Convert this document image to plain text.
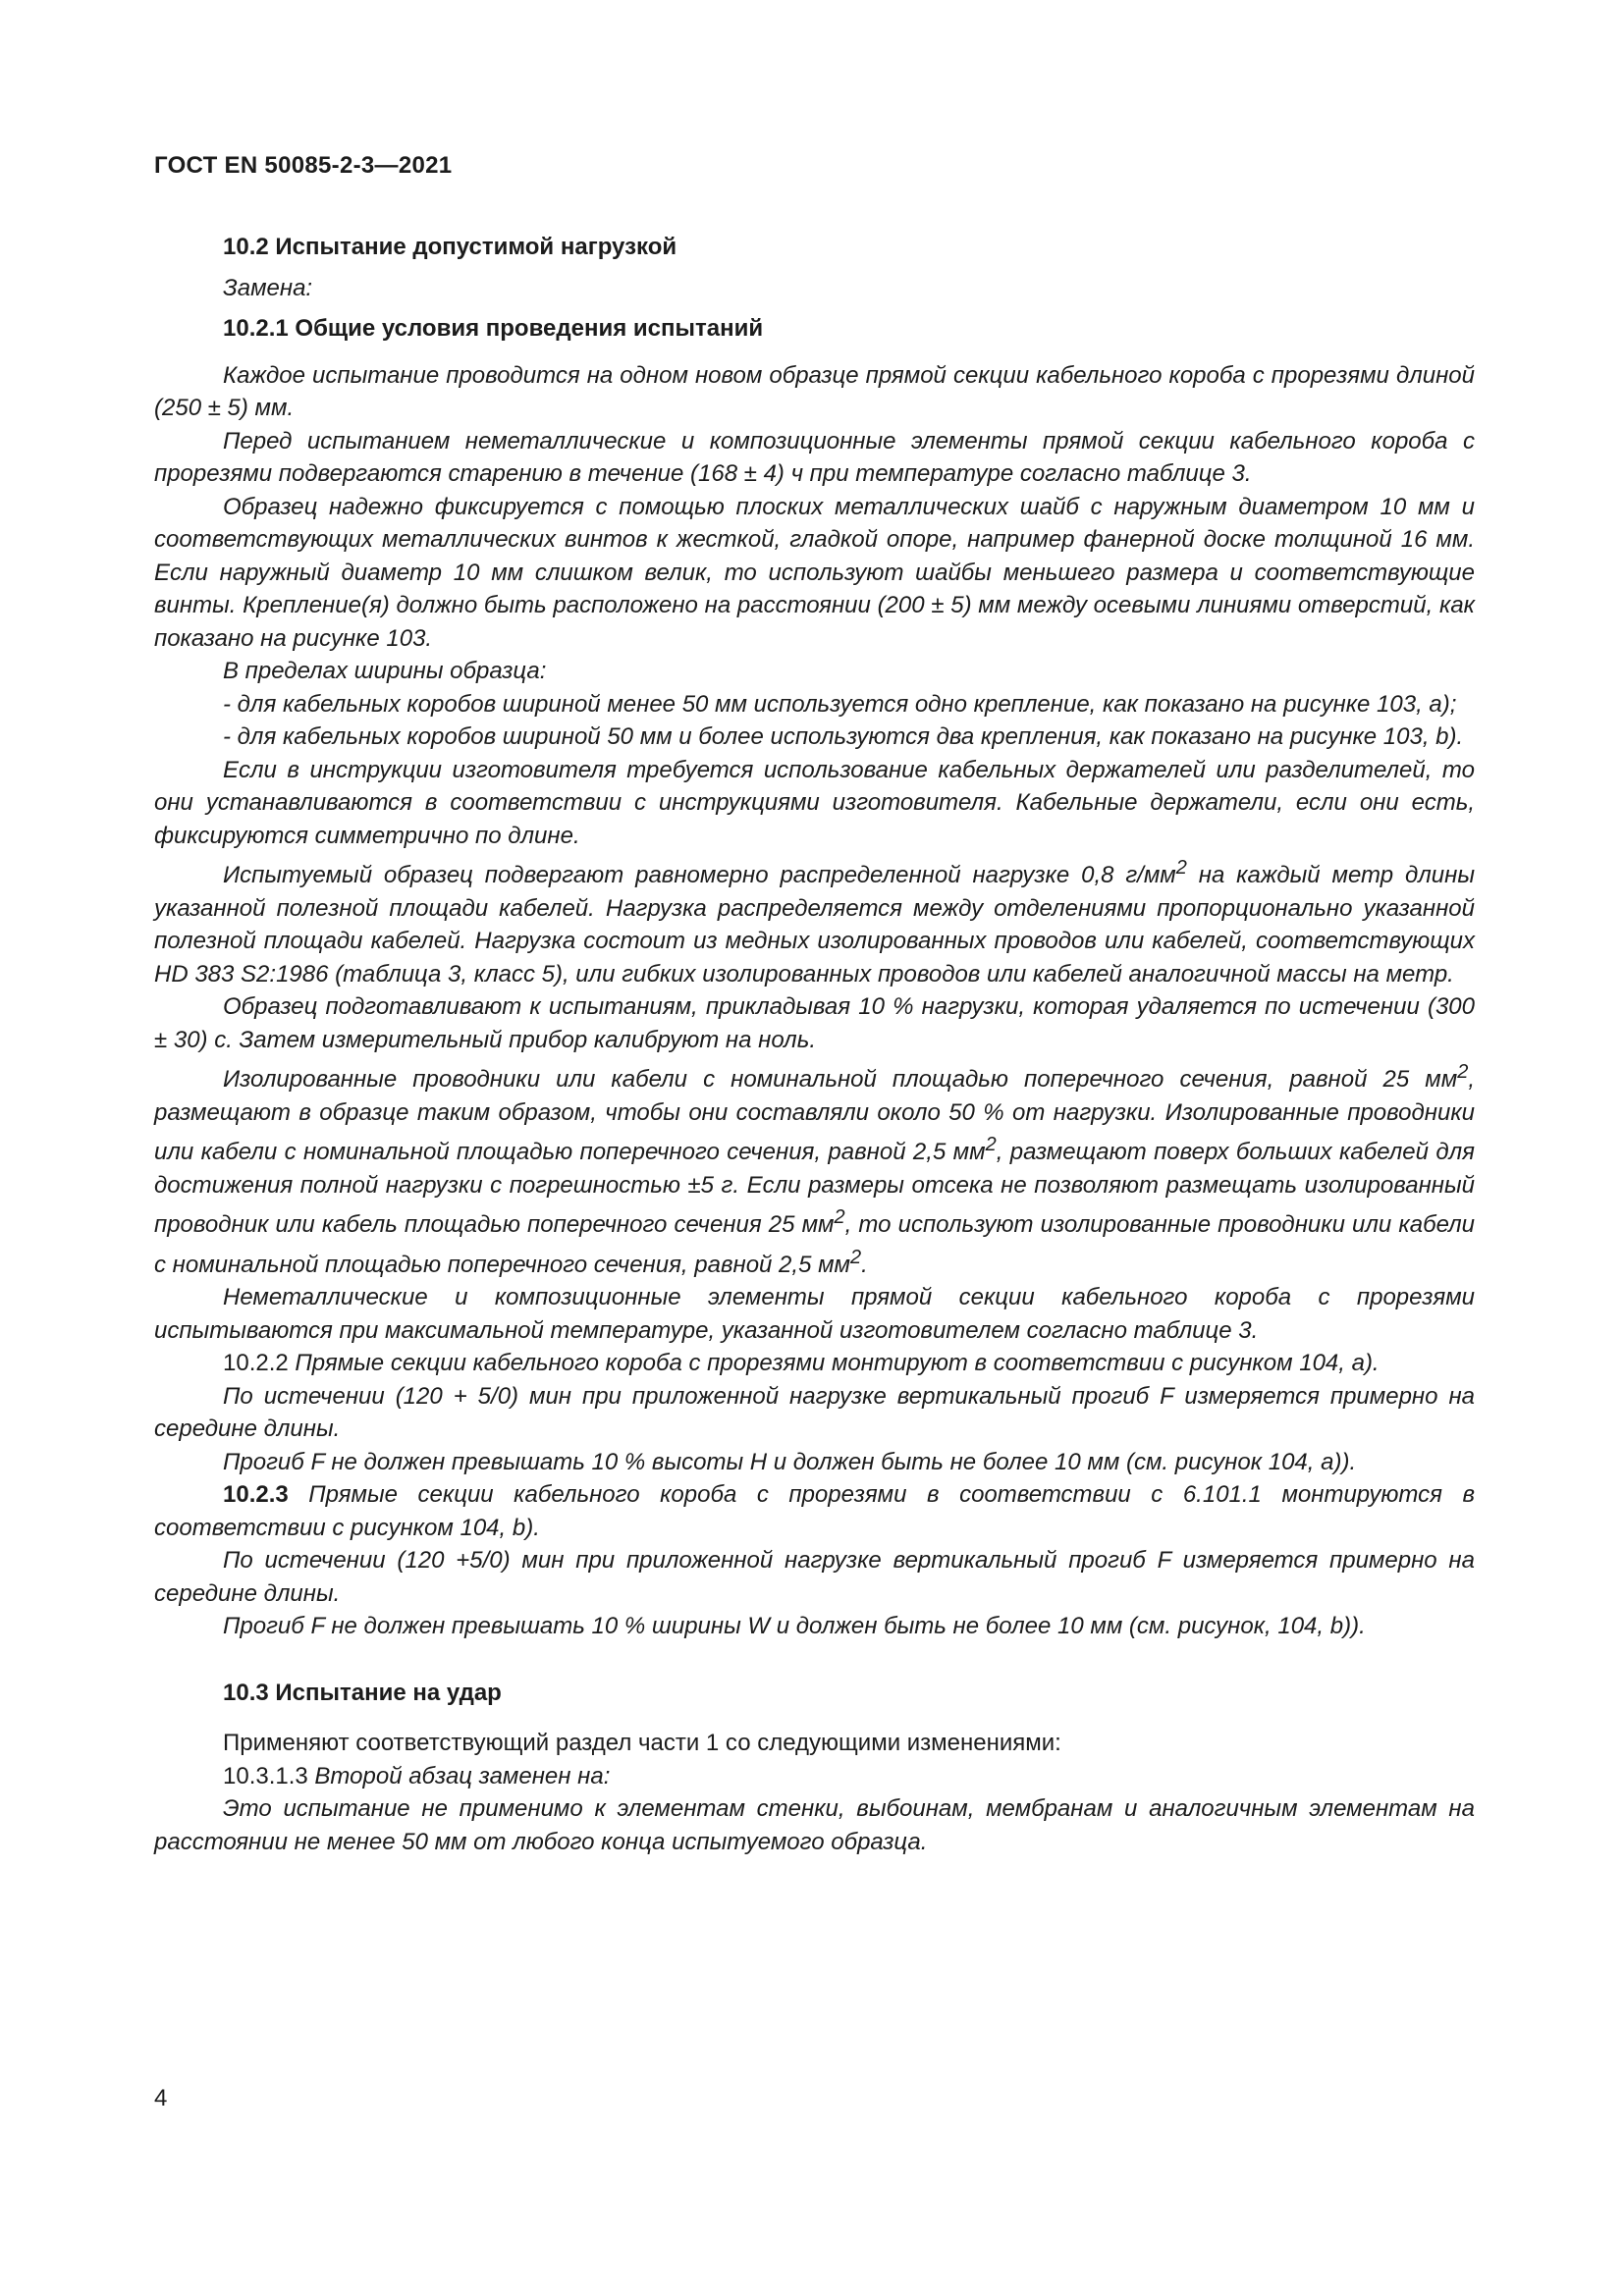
ГОСТ EN 50085-2-3—2021
10.2 Испытание допустимой нагрузкой

Замена:

10.2.1 Общие условия проведения испытаний

Каждое испытание проводится на одном новом образце прямой секции кабельного короба с прорезями длиной (250 ± 5) мм.

Перед испытанием неметаллические и композиционные элементы прямой секции кабельного короба с прорезями подвергаются старению в течение (168 ± 4) ч при температуре согласно таблице 3.

Образец надежно фиксируется с помощью плоских металлических шайб с наружным диаметром 10 мм и соответствующих металлических винтов к жесткой, гладкой опоре, например фанерной доске толщиной 16 мм. Если наружный диаметр 10 мм слишком велик, то используют шайбы меньшего размера и соответствующие винты. Крепление(я) должно быть расположено на расстоянии (200 ± 5) мм между осевыми линиями отверстий, как показано на рисунке 103.

В пределах ширины образца:

- для кабельных коробов шириной менее 50 мм используется одно крепление, как показано на рисунке 103, а);

- для кабельных коробов шириной 50 мм и более используются два крепления, как показано на рисунке 103, b).

Если в инструкции изготовителя требуется использование кабельных держателей или разделителей, то они устанавливаются в соответствии с инструкциями изготовителя. Кабельные держатели, если они есть, фиксируются симметрично по длине.

Испытуемый образец подвергают равномерно распределенной нагрузке 0,8 $г/мм^2$ на каждый метр длины указанной полезной площади кабелей. Нагрузка распределяется между отделениями пропорционально указанной полезной площади кабелей. Нагрузка состоит из медных изолированных проводов или кабелей, соответствующих HD 383 S2:1986 (таблица 3, класс 5), или гибких изолированных проводов или кабелей аналогичной массы на метр.

Образец подготавливают к испытаниям, прикладывая 10 % нагрузки, которая удаляется по истечении (300 ± 30) с. Затем измерительный прибор калибруют на ноль.

Изолированные проводники или кабели с номинальной площадью поперечного сечения, равной 25 $мм^2$, размещают в образце таким образом, чтобы они составляли около 50 % от нагрузки. Изолированные проводники или кабели с номинальной площадью поперечного сечения, равной 2,5 $мм^2$, размещают поверх больших кабелей для достижения полной нагрузки с погрешностью ±5 г. Если размеры отсека не позволяют размещать изолированный проводник или кабель площадью поперечного сечения 25 $мм^2$, то используют изолированные проводники или кабели с номинальной площадью поперечного сечения, равной 2,5 $мм^2$.

Неметаллические и композиционные элементы прямой секции кабельного короба с прорезями испытываются при максимальной температуре, указанной изготовителем согласно таблице 3.

10.2.2 Прямые секции кабельного короба с прорезями монтируют в соответствии с рисунком 104, а).

По истечении (120 + 5/0) мин при приложенной нагрузке вертикальный прогиб F измеряется примерно на середине длины.

Прогиб F не должен превышать 10 % высоты H и должен быть не более 10 мм (см. рисунок 104, а)).

10.2.3 Прямые секции кабельного короба с прорезями в соответствии с 6.101.1 монтируются в соответствии с рисунком 104, b).

По истечении (120 +5/0) мин при приложенной нагрузке вертикальный прогиб F измеряется примерно на середине длины.

Прогиб F не должен превышать 10 % ширины W и должен быть не более 10 мм (см. рисунок, 104, b)).

10.3 Испытание на удар

Применяют соответствующий раздел части 1 со следующими изменениями:

10.3.1.3 Второй абзац заменен на:

Это испытание не применимо к элементам стенки, выбоинам, мембранам и аналогичным элементам на расстоянии не менее 50 мм от любого конца испытуемого образца.

4
